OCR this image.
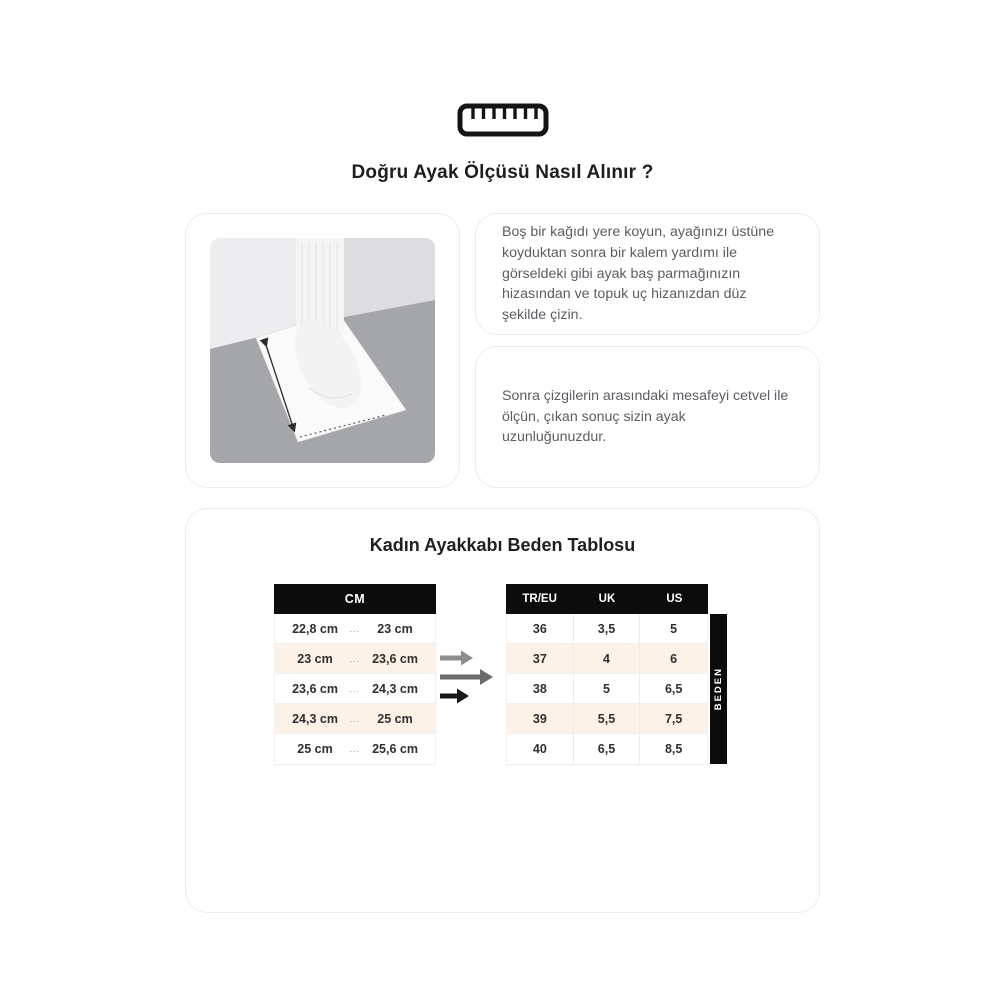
Doğru Ayak Ölçüsü Nasıl Alınır ?
Boş bir kağıdı yere koyun, ayağınızı üstüne koyduktan sonra bir kalem yardımı ile görseldeki gibi ayak baş parmağınızın hizasından ve topuk uç hizanızdan düz şekilde çizin.
Sonra çizgilerin arasındaki mesafeyi cetvel ile ölçün, çıkan sonuç sizin ayak uzunluğunuzdur.
Kadın Ayakkabı Beden Tablosu
CM
22,8 cm	...	23 cm
23 cm	... 23,6 cm
23,6 cm	... 24,3 cm
24,3 cm	...	25 cm
25 cm	... 25,6 cm
TR/EU	UK	US
36	3,5	5
37	4	6
38	5	6,5
39	5,5	7,5
40	6,5	8,5
BEDEN
